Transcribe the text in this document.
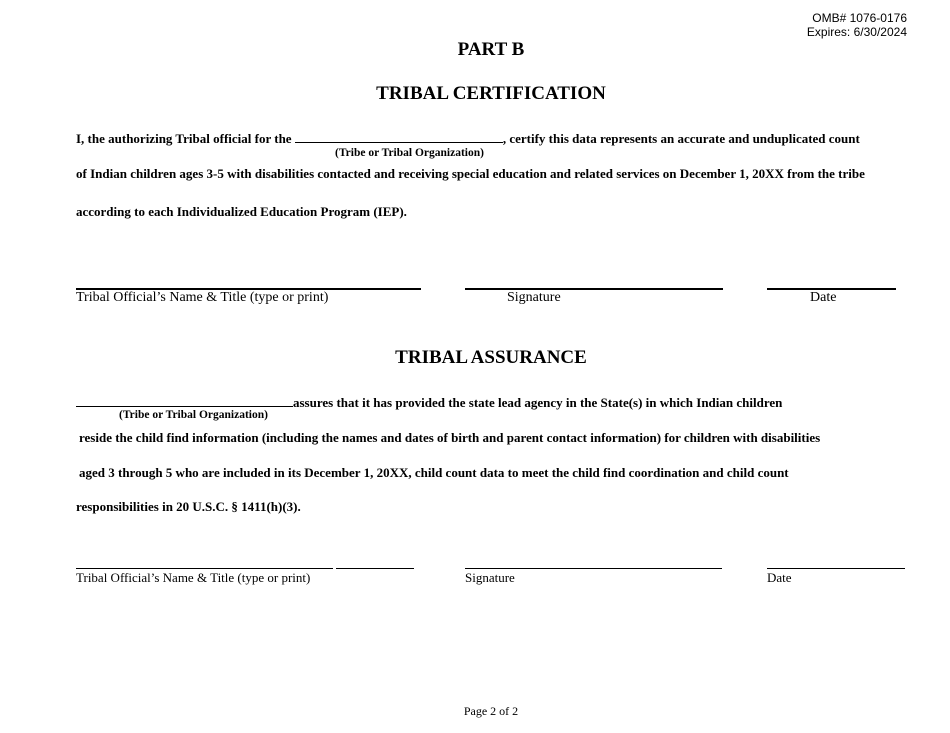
OMB# 1076-0176
Expires: 6/30/2024
PART B
TRIBAL CERTIFICATION
I, the authorizing Tribal official for the	, certify this data represents an accurate and unduplicated count
(Tribe or Tribal Organization)
of Indian children ages 3-5 with disabilities contacted and receiving special education and related services on December 1, 20XX from the tribe
according to each Individualized Education Program (IEP).
Tribal Official’s Name & Title (type or print)	Signature	Date
TRIBAL ASSURANCE
assures that it has provided the state lead agency in the State(s) in which Indian children
(Tribe or Tribal Organization)
reside the child find information (including the names and dates of birth and parent contact information) for children with disabilities
aged 3 through 5 who are included in its December 1, 20XX, child count data to meet the child find coordination and child count
responsibilities in 20 U.S.C. § 1411(h)(3).
Tribal Official’s Name & Title (type or print)	Signature	Date
Page 2 of 2
